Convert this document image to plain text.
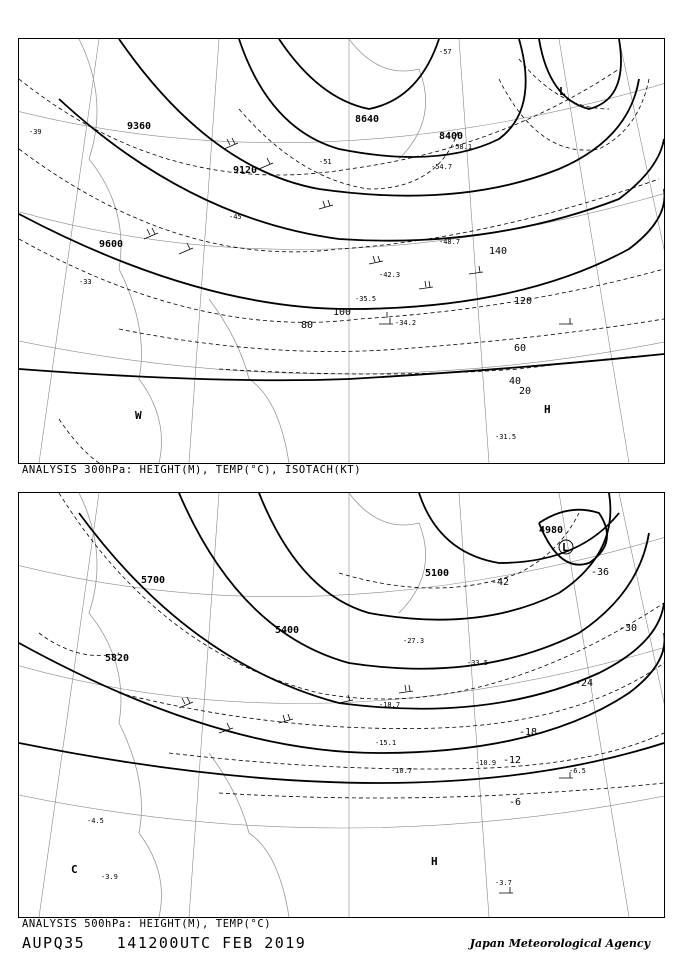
9360
9600
9120
8640
8400
40
60
80
100
120
140
20
-39
-45
-51
-57
-33
-35.5
-34.2
-31.5
-42.3
-48.7
-54.7
-58.1
L
H
W
ANALYSIS 300hPa: HEIGHT(M), TEMP(°C), ISOTACH(KT)
5700
5820
5400
5100
4980
-36
-30
-24
-18
-12
-6
-42
-33.5
-27.3
-18.7
-15.1
-10.7
-10.9
-6.5
-3.7
-4.5
-3.9
L
H
C
ANALYSIS 500hPa: HEIGHT(M), TEMP(°C)
AUPQ35   141200UTC FEB 2019	Japan Meteorological Agency
